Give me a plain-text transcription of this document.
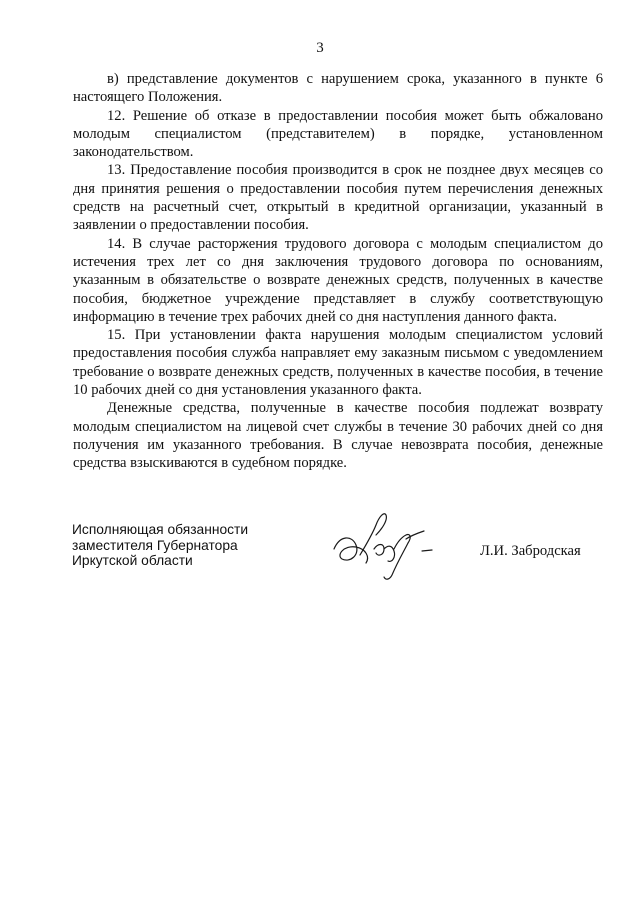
3

в) представление документов с нарушением срока, указанного в пункте 6 настоящего Положения.

12. Решение об отказе в предоставлении пособия может быть обжаловано молодым специалистом (представителем) в порядке, установленном законодательством.

13. Предоставление пособия производится в срок не позднее двух месяцев со дня принятия решения о предоставлении пособия путем перечисления денежных средств на расчетный счет, открытый в кредитной организации, указанный в заявлении о предоставлении пособия.

14. В случае расторжения трудового договора с молодым специалистом до истечения трех лет со дня заключения трудового договора по основаниям, указанным в обязательстве о возврате денежных средств, полученных в качестве пособия, бюджетное учреждение представляет в службу соответствующую информацию в течение трех рабочих дней со дня наступления данного факта.

15. При установлении факта нарушения молодым специалистом условий предоставления пособия служба направляет ему заказным письмом с уведомлением требование о возврате денежных средств, полученных в качестве пособия, в течение 10 рабочих дней со дня установления указанного факта.

Денежные средства, полученные в качестве пособия подлежат возврату молодым специалистом на лицевой счет службы в течение 30 рабочих дней со дня получения им указанного требования. В случае невозврата пособия, денежные средства взыскиваются в судебном порядке.

Исполняющая обязанности
заместителя Губернатора
Иркутской области
Л.И. Забродская
